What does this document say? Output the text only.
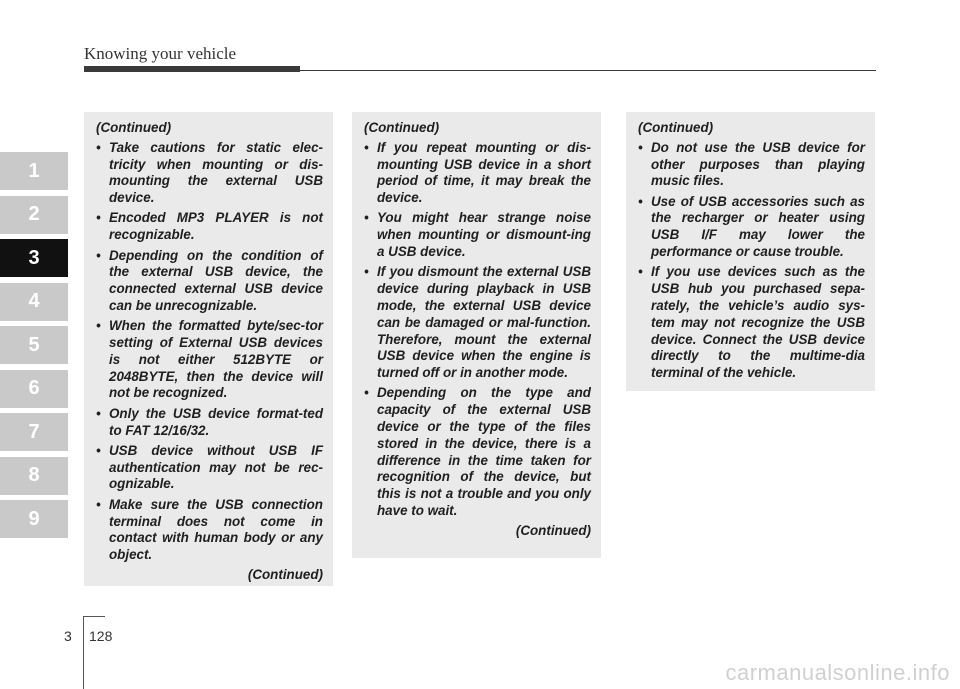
Knowing your vehicle
1
2
3
4
5
6
7
8
9
(Continued)
• Take cautions for static elec-tricity when mounting or dis-mounting the external USB device.
• Encoded MP3 PLAYER is not recognizable.
• Depending on the condition of the external USB device, the connected external USB device can be unrecognizable.
• When the formatted byte/sec-tor setting of External USB devices is not either 512BYTE or 2048BYTE, then the device will not be recognized.
• Only the USB device format-ted to FAT 12/16/32.
• USB device without USB IF authentication may not be rec-ognizable.
• Make sure the USB connection terminal does not come in contact with human body or any object.
(Continued)
(Continued)
• If you repeat mounting or dis-mounting USB device in a short period of time, it may break the device.
• You might hear strange noise when mounting or dismount-ing a USB device.
• If you dismount the external USB device during playback in USB mode, the external USB device can be damaged or mal-function. Therefore, mount the external USB device when the engine is turned off or in another mode.
• Depending on the type and capacity of the external USB device or the type of the files stored in the device, there is a difference in the time taken for recognition of the device, but this is not a trouble and you only have to wait.
(Continued)
(Continued)
• Do not use the USB device for other purposes than playing music files.
• Use of USB accessories such as the recharger or heater using USB I/F may lower the performance or cause trouble.
• If you use devices such as the USB hub you purchased sepa-rately, the vehicle’s audio sys-tem may not recognize the USB device. Connect the USB device directly to the multime-dia terminal of the vehicle.
3 128
carmanualsonline.info
